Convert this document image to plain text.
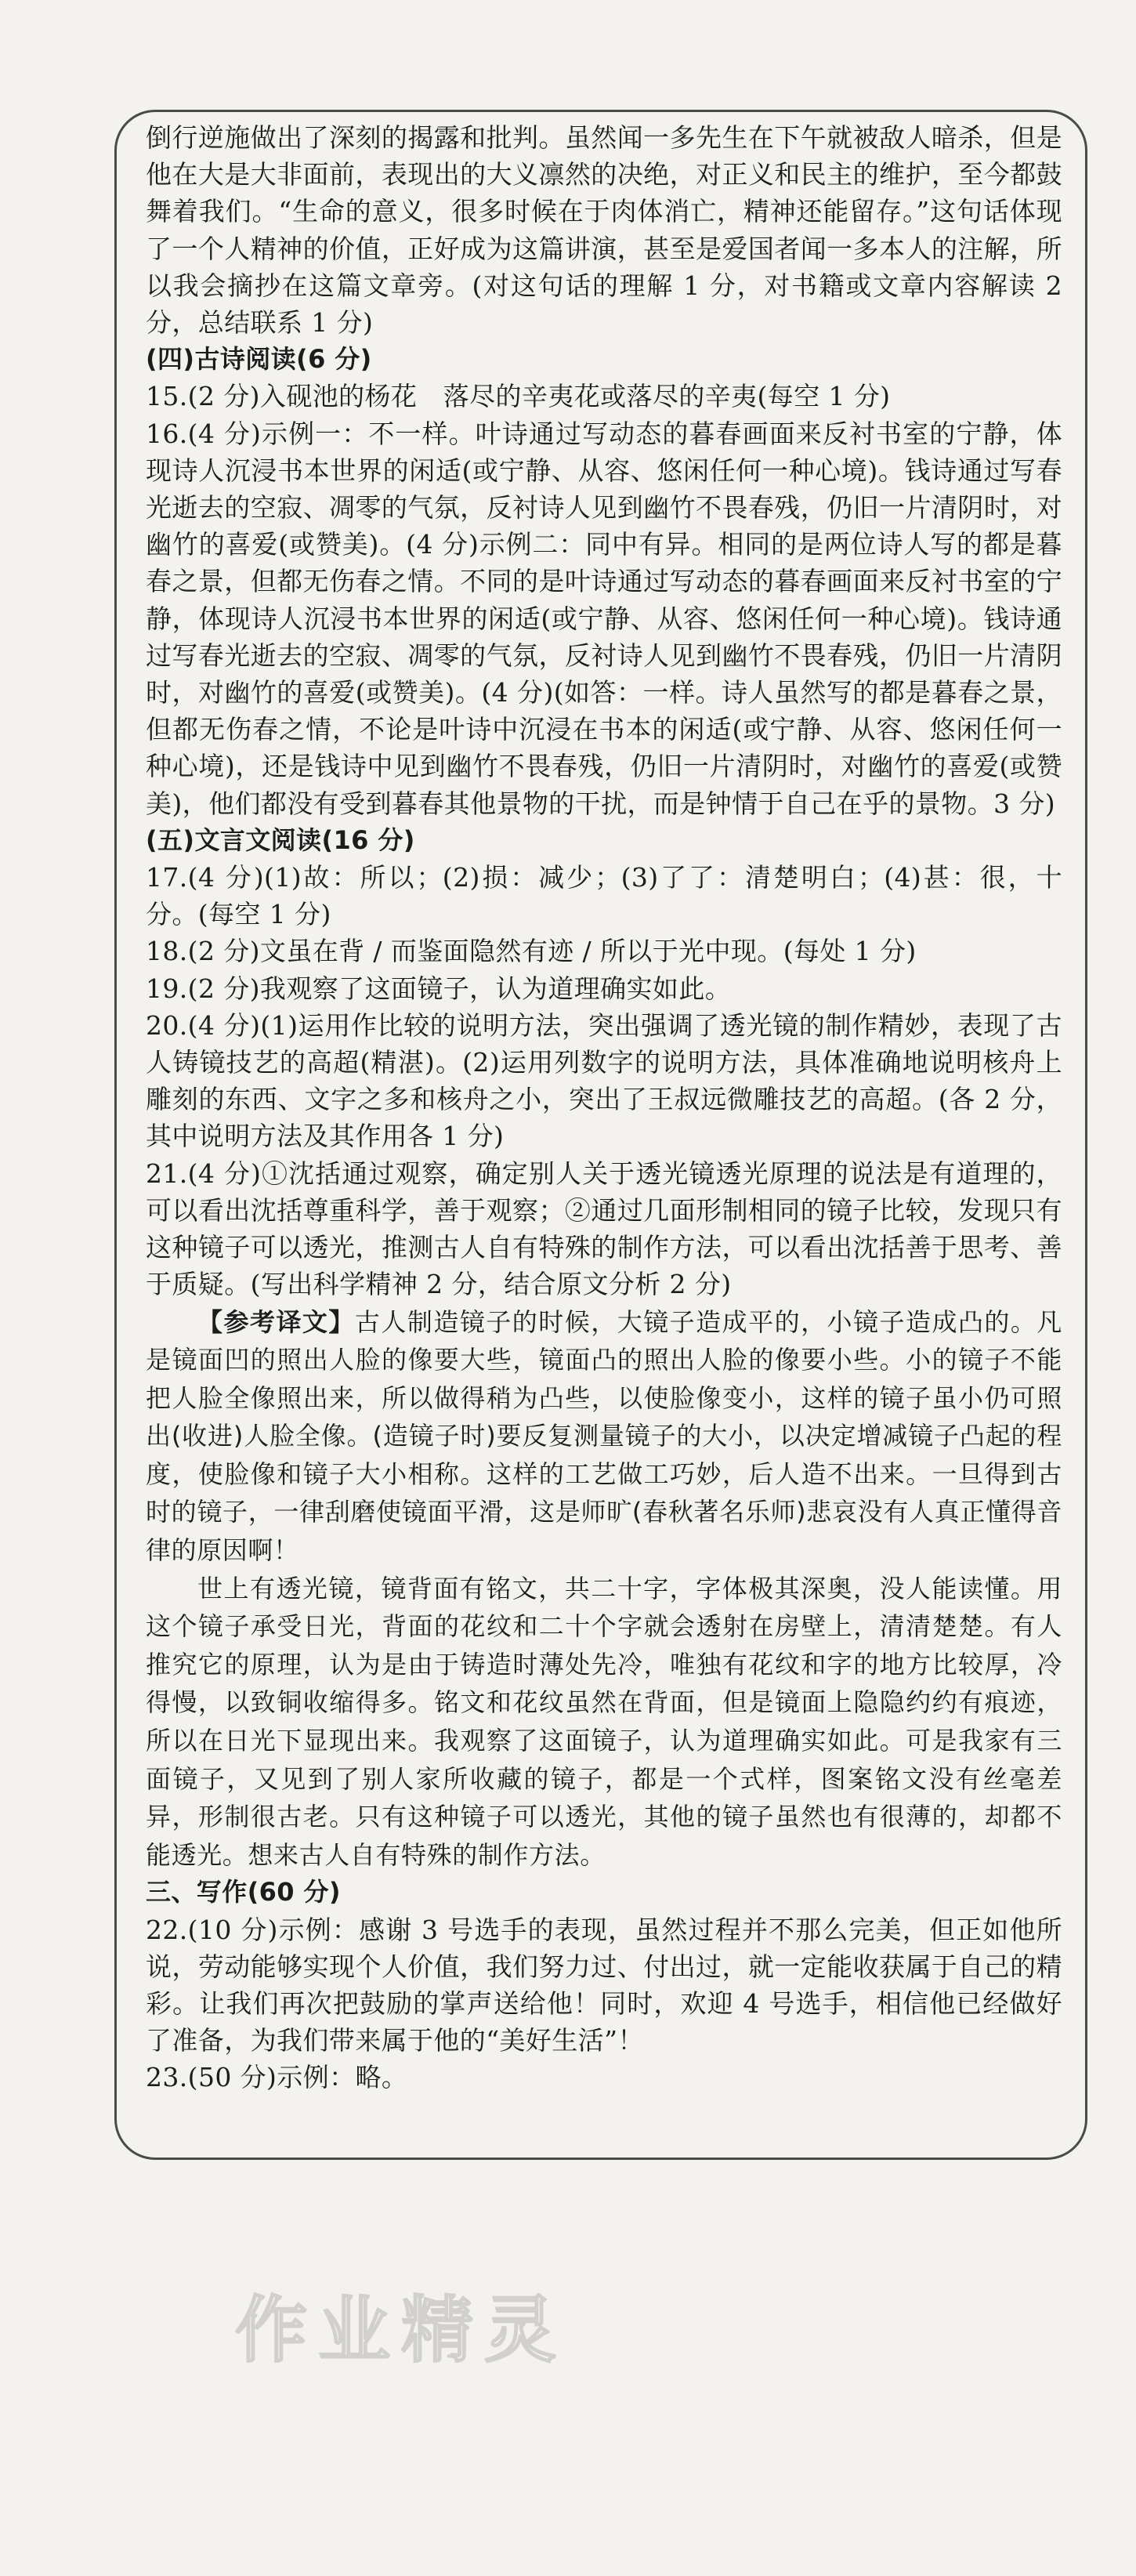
倒行逆施做出了深刻的揭露和批判。虽然闻一多先生在下午就被敌人暗杀，但是他在大是大非面前，表现出的大义凛然的决绝，对正义和民主的维护，至今都鼓舞着我们。“生命的意义，很多时候在于肉体消亡，精神还能留存。”这句话体现了一个人精神的价值，正好成为这篇讲演，甚至是爱国者闻一多本人的注解，所以我会摘抄在这篇文章旁。(对这句话的理解 1 分，对书籍或文章内容解读 2 分，总结联系 1 分)

(四)古诗阅读(6 分)

15.(2 分)入砚池的杨花　落尽的辛夷花或落尽的辛夷(每空 1 分)

16.(4 分)示例一：不一样。叶诗通过写动态的暮春画面来反衬书室的宁静，体现诗人沉浸书本世界的闲适(或宁静、从容、悠闲任何一种心境)。钱诗通过写春光逝去的空寂、凋零的气氛，反衬诗人见到幽竹不畏春残，仍旧一片清阴时，对幽竹的喜爱(或赞美)。(4 分)示例二：同中有异。相同的是两位诗人写的都是暮春之景，但都无伤春之情。不同的是叶诗通过写动态的暮春画面来反衬书室的宁静，体现诗人沉浸书本世界的闲适(或宁静、从容、悠闲任何一种心境)。钱诗通过写春光逝去的空寂、凋零的气氛，反衬诗人见到幽竹不畏春残，仍旧一片清阴时，对幽竹的喜爱(或赞美)。(4 分)(如答：一样。诗人虽然写的都是暮春之景，但都无伤春之情，不论是叶诗中沉浸在书本的闲适(或宁静、从容、悠闲任何一种心境)，还是钱诗中见到幽竹不畏春残，仍旧一片清阴时，对幽竹的喜爱(或赞美)，他们都没有受到暮春其他景物的干扰，而是钟情于自己在乎的景物。3 分)

(五)文言文阅读(16 分)

17.(4 分)(1)故：所以；(2)损：减少；(3)了了：清楚明白；(4)甚：很，十分。(每空 1 分)

18.(2 分)文虽在背 / 而鉴面隐然有迹 / 所以于光中现。(每处 1 分)

19.(2 分)我观察了这面镜子，认为道理确实如此。

20.(4 分)(1)运用作比较的说明方法，突出强调了透光镜的制作精妙，表现了古人铸镜技艺的高超(精湛)。(2)运用列数字的说明方法，具体准确地说明核舟上雕刻的东西、文字之多和核舟之小，突出了王叔远微雕技艺的高超。(各 2 分，其中说明方法及其作用各 1 分)

21.(4 分)①沈括通过观察，确定别人关于透光镜透光原理的说法是有道理的，可以看出沈括尊重科学，善于观察；②通过几面形制相同的镜子比较，发现只有这种镜子可以透光，推测古人自有特殊的制作方法，可以看出沈括善于思考、善于质疑。(写出科学精神 2 分，结合原文分析 2 分)

【参考译文】古人制造镜子的时候，大镜子造成平的，小镜子造成凸的。凡是镜面凹的照出人脸的像要大些，镜面凸的照出人脸的像要小些。小的镜子不能把人脸全像照出来，所以做得稍为凸些，以使脸像变小，这样的镜子虽小仍可照出(收进)人脸全像。(造镜子时)要反复测量镜子的大小，以决定增减镜子凸起的程度，使脸像和镜子大小相称。这样的工艺做工巧妙，后人造不出来。一旦得到古时的镜子，一律刮磨使镜面平滑，这是师旷(春秋著名乐师)悲哀没有人真正懂得音律的原因啊！

世上有透光镜，镜背面有铭文，共二十字，字体极其深奥，没人能读懂。用这个镜子承受日光，背面的花纹和二十个字就会透射在房壁上，清清楚楚。有人推究它的原理，认为是由于铸造时薄处先冷，唯独有花纹和字的地方比较厚，冷得慢，以致铜收缩得多。铭文和花纹虽然在背面，但是镜面上隐隐约约有痕迹，所以在日光下显现出来。我观察了这面镜子，认为道理确实如此。可是我家有三面镜子，又见到了别人家所收藏的镜子，都是一个式样，图案铭文没有丝毫差异，形制很古老。只有这种镜子可以透光，其他的镜子虽然也有很薄的，却都不能透光。想来古人自有特殊的制作方法。

三、写作(60 分)

22.(10 分)示例：感谢 3 号选手的表现，虽然过程并不那么完美，但正如他所说，劳动能够实现个人价值，我们努力过、付出过，就一定能收获属于自己的精彩。让我们再次把鼓励的掌声送给他！同时，欢迎 4 号选手，相信他已经做好了准备，为我们带来属于他的“美好生活”！

23.(50 分)示例：略。

作业精灵
